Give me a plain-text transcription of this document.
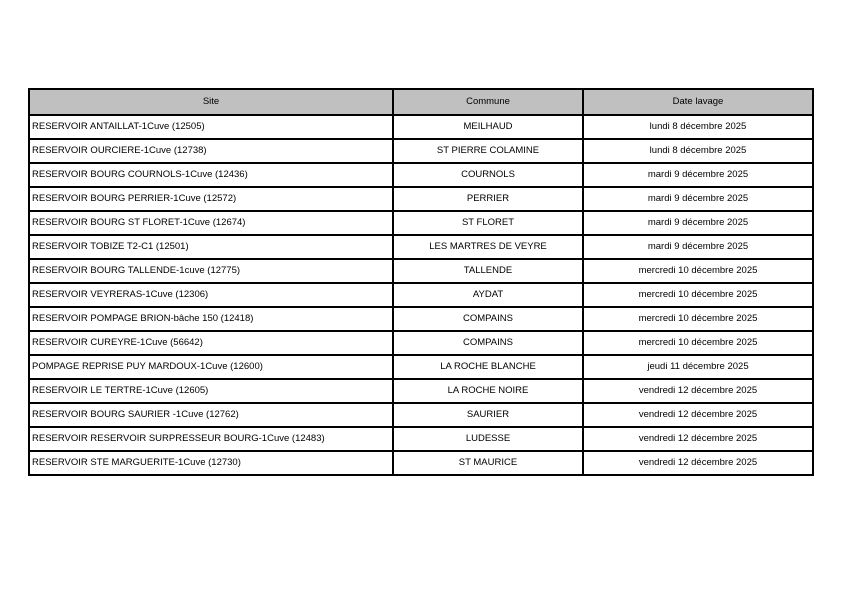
Site	Commune	Date lavage
RESERVOIR ANTAILLAT-1Cuve (12505)	MEILHAUD	lundi 8 décembre 2025
RESERVOIR OURCIERE-1Cuve (12738)	ST PIERRE COLAMINE	lundi 8 décembre 2025
RESERVOIR BOURG COURNOLS-1Cuve (12436)	COURNOLS	mardi 9 décembre 2025
RESERVOIR BOURG PERRIER-1Cuve (12572)	PERRIER	mardi 9 décembre 2025
RESERVOIR BOURG ST FLORET-1Cuve (12674)	ST FLORET	mardi 9 décembre 2025
RESERVOIR TOBIZE T2-C1 (12501)	LES MARTRES DE VEYRE	mardi 9 décembre 2025
RESERVOIR BOURG TALLENDE-1cuve (12775)	TALLENDE	mercredi 10 décembre 2025
RESERVOIR VEYRERAS-1Cuve (12306)	AYDAT	mercredi 10 décembre 2025
RESERVOIR POMPAGE BRION-bâche 150 (12418)	COMPAINS	mercredi 10 décembre 2025
RESERVOIR CUREYRE-1Cuve (56642)	COMPAINS	mercredi 10 décembre 2025
POMPAGE REPRISE PUY MARDOUX-1Cuve (12600)	LA ROCHE BLANCHE	jeudi 11 décembre 2025
RESERVOIR LE TERTRE-1Cuve (12605)	LA ROCHE NOIRE	vendredi 12 décembre 2025
RESERVOIR BOURG SAURIER -1Cuve (12762)	SAURIER	vendredi 12 décembre 2025
RESERVOIR RESERVOIR SURPRESSEUR BOURG-1Cuve (12483)	LUDESSE	vendredi 12 décembre 2025
RESERVOIR STE MARGUERITE-1Cuve (12730)	ST MAURICE	vendredi 12 décembre 2025
